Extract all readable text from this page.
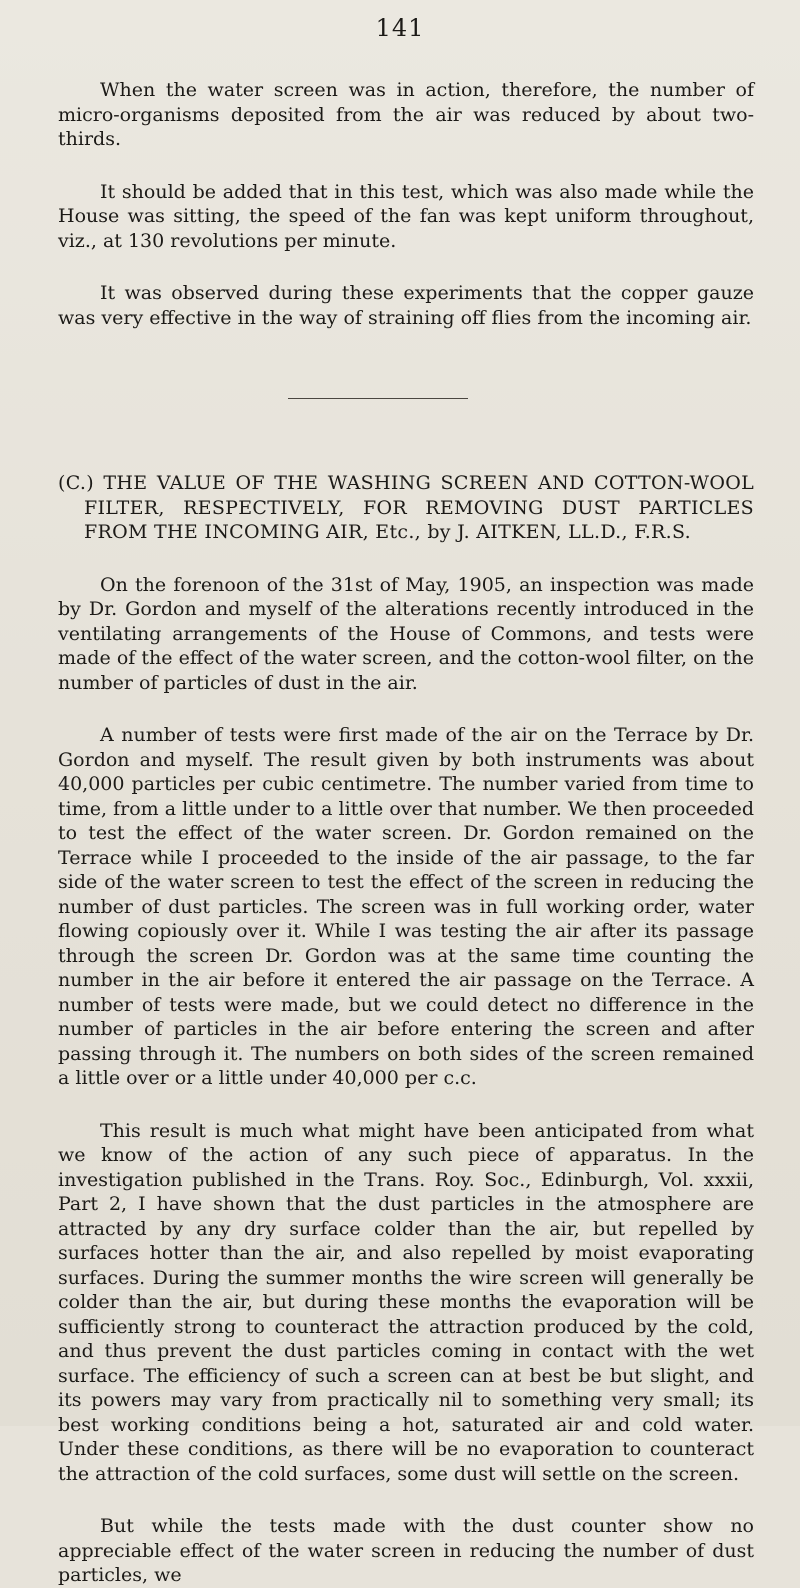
141

When the water screen was in action, therefore, the number of micro-organisms deposited from the air was reduced by about two-thirds.

It should be added that in this test, which was also made while the House was sitting, the speed of the fan was kept uniform throughout, viz., at 130 revolutions per minute.

It was observed during these experiments that the copper gauze was very effective in the way of straining off flies from the incoming air.

(C.) THE VALUE OF THE WASHING SCREEN AND COTTON-WOOL FILTER, RESPECTIVELY, FOR REMOVING DUST PARTICLES FROM THE INCOMING AIR, Etc., by J. AITKEN, LL.D., F.R.S.

On the forenoon of the 31st of May, 1905, an inspection was made by Dr. Gordon and myself of the alterations recently introduced in the ventilating arrangements of the House of Commons, and tests were made of the effect of the water screen, and the cotton-wool filter, on the number of particles of dust in the air.

A number of tests were first made of the air on the Terrace by Dr. Gordon and myself. The result given by both instruments was about 40,000 particles per cubic centimetre. The number varied from time to time, from a little under to a little over that number. We then proceeded to test the effect of the water screen. Dr. Gordon remained on the Terrace while I proceeded to the inside of the air passage, to the far side of the water screen to test the effect of the screen in reducing the number of dust particles. The screen was in full working order, water flowing copiously over it. While I was testing the air after its passage through the screen Dr. Gordon was at the same time counting the number in the air before it entered the air passage on the Terrace. A number of tests were made, but we could detect no difference in the number of particles in the air before entering the screen and after passing through it. The numbers on both sides of the screen remained a little over or a little under 40,000 per c.c.

This result is much what might have been anticipated from what we know of the action of any such piece of apparatus. In the investigation published in the Trans. Roy. Soc., Edinburgh, Vol. xxxii, Part 2, I have shown that the dust particles in the atmosphere are attracted by any dry surface colder than the air, but repelled by surfaces hotter than the air, and also repelled by moist evaporating surfaces. During the summer months the wire screen will generally be colder than the air, but during these months the evaporation will be sufficiently strong to counteract the attraction produced by the cold, and thus prevent the dust particles coming in contact with the wet surface. The efficiency of such a screen can at best be but slight, and its powers may vary from practically nil to something very small; its best working conditions being a hot, saturated air and cold water. Under these conditions, as there will be no evaporation to counteract the attraction of the cold surfaces, some dust will settle on the screen.

But while the tests made with the dust counter show no appreciable effect of the water screen in reducing the number of dust particles, we
